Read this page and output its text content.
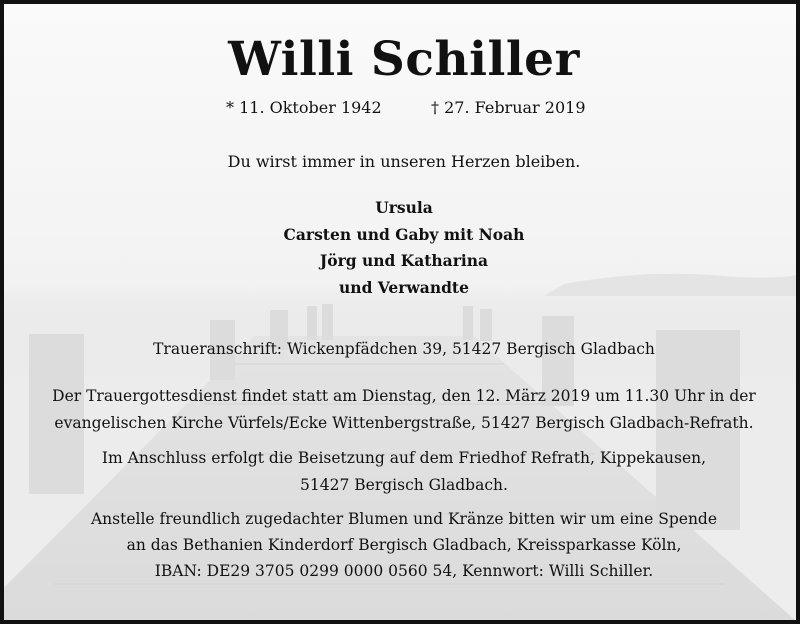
Willi Schiller
* 11. Oktober 1942	† 27. Februar 2019
Du wirst immer in unseren Herzen bleiben.
Ursula
Carsten und Gaby mit Noah
Jörg und Katharina
und Verwandte
Traueranschrift: Wickenpfädchen 39, 51427 Bergisch Gladbach
Der Trauergottesdienst findet statt am Dienstag, den 12. März 2019 um 11.30 Uhr in der
evangelischen Kirche Vürfels/Ecke Wittenbergstraße, 51427 Bergisch Gladbach-Refrath.
Im Anschluss erfolgt die Beisetzung auf dem Friedhof Refrath, Kippekausen,
51427 Bergisch Gladbach.
Anstelle freundlich zugedachter Blumen und Kränze bitten wir um eine Spende
an das Bethanien Kinderdorf Bergisch Gladbach, Kreissparkasse Köln,
IBAN: DE29 3705 0299 0000 0560 54, Kennwort: Willi Schiller.
